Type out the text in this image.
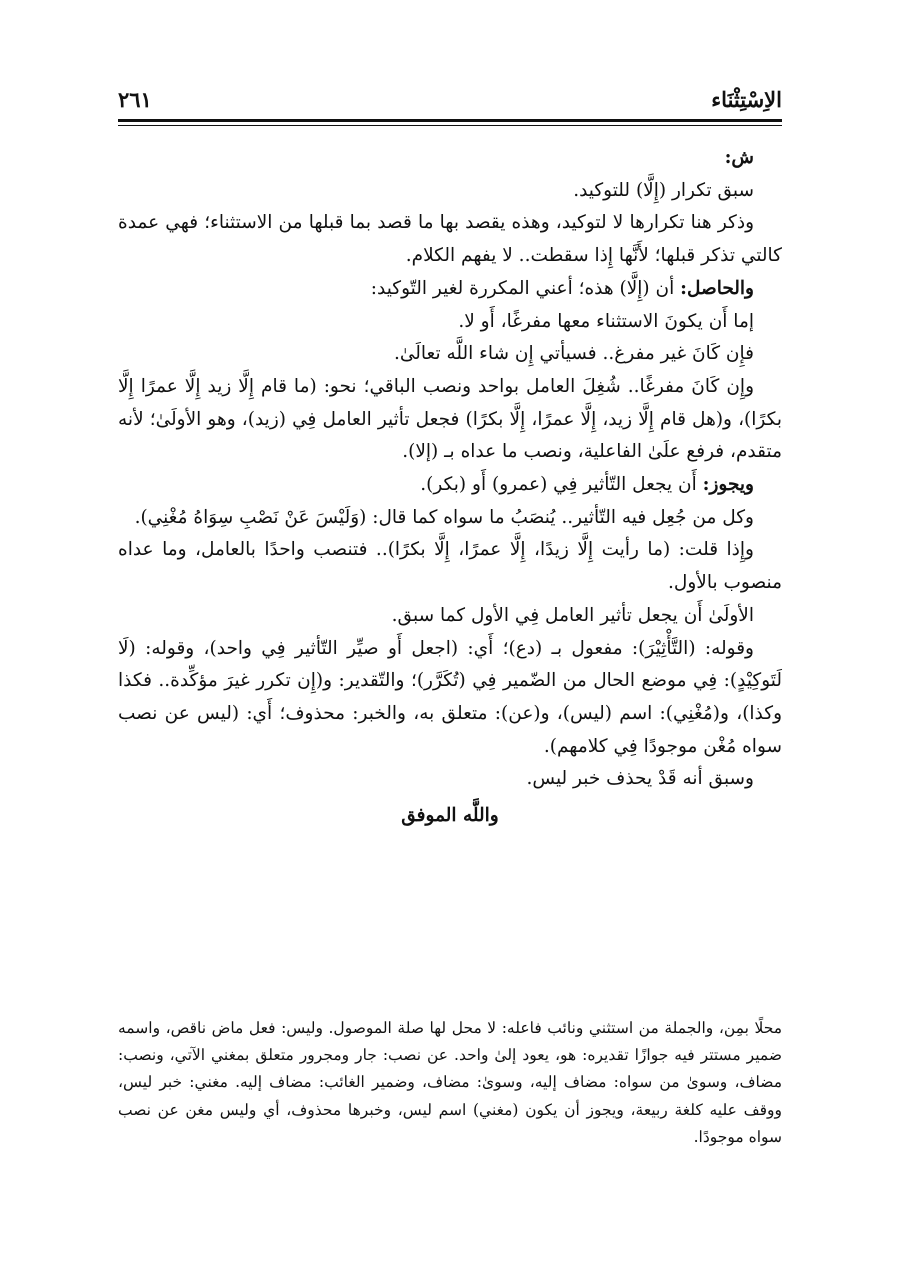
الاِسْتِثْنَاء
٢٦١

ش:

سبق تكرار (إِلَّا) للتوكيد.

وذكر هنا تكرارها لا لتوكيد، وهذه يقصد بها ما قصد بما قبلها من الاستثناء؛ فهي عمدة كالتي تذكر قبلها؛ لأَنَّها إِذا سقطت.. لا يفهم الكلام.

والحاصل: أن (إِلَّا) هذه؛ أعني المكررة لغير التّوكيد:

إما أَن يكونَ الاستثناء معها مفرغًا، أَو لا.

فإِن كَانَ غير مفرغ.. فسيأتي إِن شاء اللَّه تعالَىٰ.

وإِن كَانَ مفرغًا.. شُغِلَ العامل بواحد ونصب الباقي؛ نحو: (ما قام إِلَّا زيد إِلَّا عمرًا إِلَّا بكرًا)، و(هل قام إِلَّا زيد، إِلَّا عمرًا، إِلَّا بكرًا) فجعل تأثير العامل فِي (زيد)، وهو الأولَىٰ؛ لأنه متقدم، فرفع علَىٰ الفاعلية، ونصب ما عداه بـ (إلا).

ويجوز: أَن يجعل التّأثير فِي (عمرو) أَو (بكر).

وكل من جُعِل فيه التّأثير.. يُنصَبُ ما سواه كما قال: (وَلَيْسَ عَنْ نَصْبِ سِوَاهُ مُغْنِي).

وإِذا قلت: (ما رأيت إِلَّا زيدًا، إِلَّا عمرًا، إِلَّا بكرًا).. فتنصب واحدًا بالعامل، وما عداه منصوب بالأول.

الأولَىٰ أَن يجعل تأثير العامل فِي الأول كما سبق.

وقوله: (التَّأْثِيْرَ): مفعول بـ (دع)؛ أَي: (اجعل أَو صيِّر التّأثير فِي واحد)، وقوله: (لَا لَتَوكِيْدٍ): فِي موضع الحال من الضّمير فِي (تُكَرَّر)؛ والتّقدير: و(إِن تكرر غيرَ مؤكِّدة.. فكذا وكذا)، و(مُغْنِي): اسم (ليس)، و(عن): متعلق به، والخبر: محذوف؛ أَي: (ليس عن نصب سواه مُغْن موجودًا فِي كلامهم).

وسبق أنه قَدْ يحذف خبر ليس.

واللَّه الموفق

محلًا بمِن، والجملة من استثني ونائب فاعله: لا محل لها صلة الموصول. وليس: فعل ماض ناقص، واسمه ضمير مستتر فيه جوازًا تقديره: هو، يعود إلىٰ واحد. عن نصب: جار ومجرور متعلق بمغني الآتي، ونصب: مضاف، وسوىٰ من سواه: مضاف إليه، وسوىٰ: مضاف، وضمير الغائب: مضاف إليه. مغني: خبر ليس، ووقف عليه كلغة ربيعة، ويجوز أن يكون (مغني) اسم ليس، وخبرها محذوف، أي وليس مغن عن نصب سواه موجودًا.
